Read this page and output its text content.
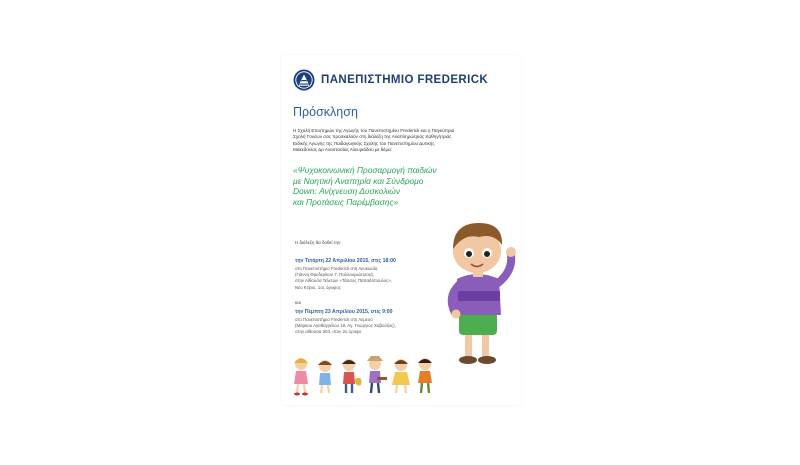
ΠΑΝΕΠΙΣΤΗΜΙΟ FREDERICK
Πρόσκληση

Η Σχολή Επιστημών της Αγωγής του Πανεπιστημίου Frederick και η Παγκύπρια
Σχολή Γονέων σας προσκαλούν στη διάλεξη της Αναπληρώτριας Καθηγήτριας
Ειδικής Αγωγής της Παιδαγωγικής Σχολής του Πανεπιστημίου Δυτικής
Μακεδονίας Δρ Αναστασίας Αλευριάδου με θέμα:

«Ψυχοκοινωνική Προσαρμογή παιδιών
με Νοητική Αναπηρία και Σύνδρομο
Down: Ανίχνευση Δυσκολιών
και Προτάσεις Παρέμβασης»

Η διάλεξη θα δοθεί την:
την Τετάρτη 22 Απριλίου 2015, στις 18:00

στο Πανεπιστήμιο Frederick στη Λευκωσία
(Γιάννη Φρεδερίκου 7, Παλλουριώτισσα),
στην Αίθουσα Τελετών «Τάσσος Παπαδόπουλος»,
Νέο Κτίριο, 1ος όροφος

και
την Πέμπτη 23 Απριλίου 2015, στις 9:00

στο Πανεπιστήμιο Frederick στη Λεμεσό
(Μάρκου Αγαθαγγέλου 18, Αγ. Γεώργιος Χαβούζας),
στην αίθουσα 303, στον 2ο όροφο
